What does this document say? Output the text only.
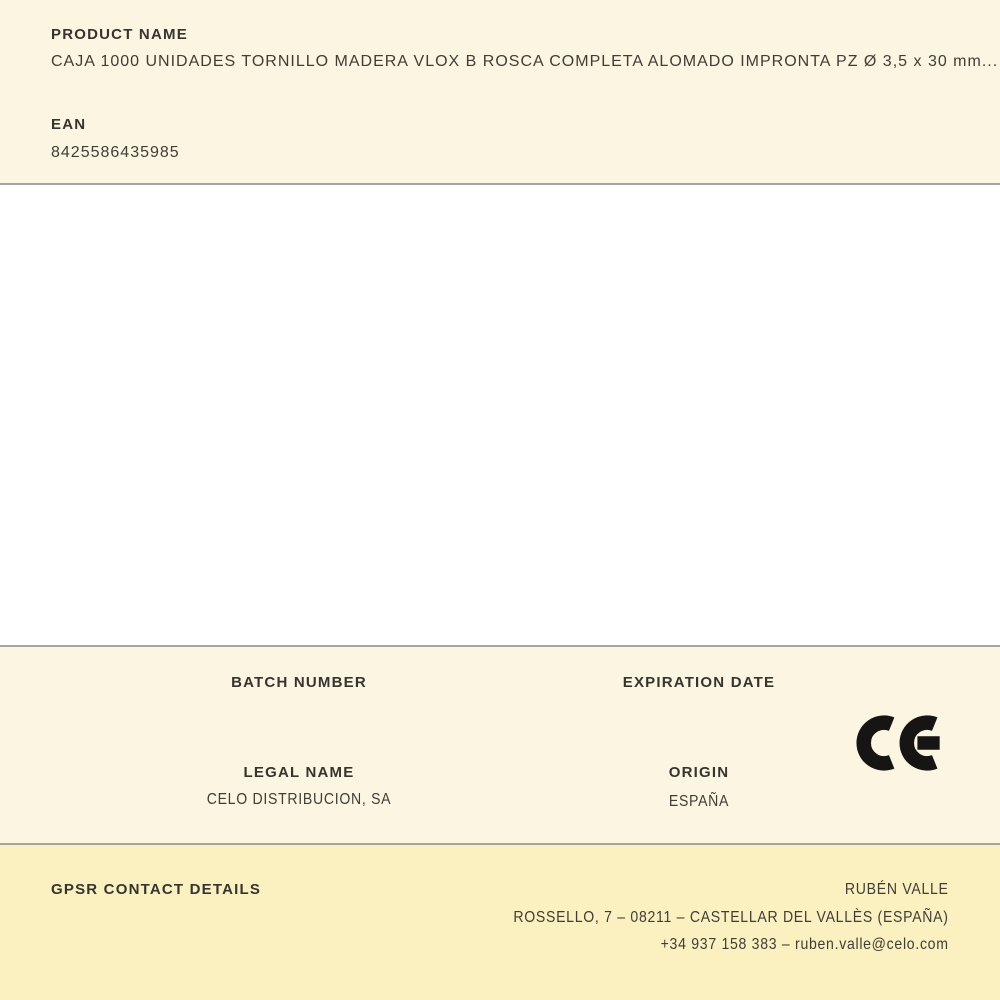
PRODUCT NAME
CAJA 1000 UNIDADES TORNILLO MADERA VLOX B ROSCA COMPLETA ALOMADO IMPRONTA PZ Ø 3,5 x 30 mm...
EAN
8425586435985
BATCH NUMBER	EXPIRATION DATE
LEGAL NAME
CELO DISTRIBUCION, SA
ORIGIN
ESPAÑA
GPSR CONTACT DETAILS	RUBÉN VALLE
ROSSELLO, 7 – 08211 – CASTELLAR DEL VALLÈS (ESPAÑA)
+34 937 158 383 – ruben.valle@celo.com
